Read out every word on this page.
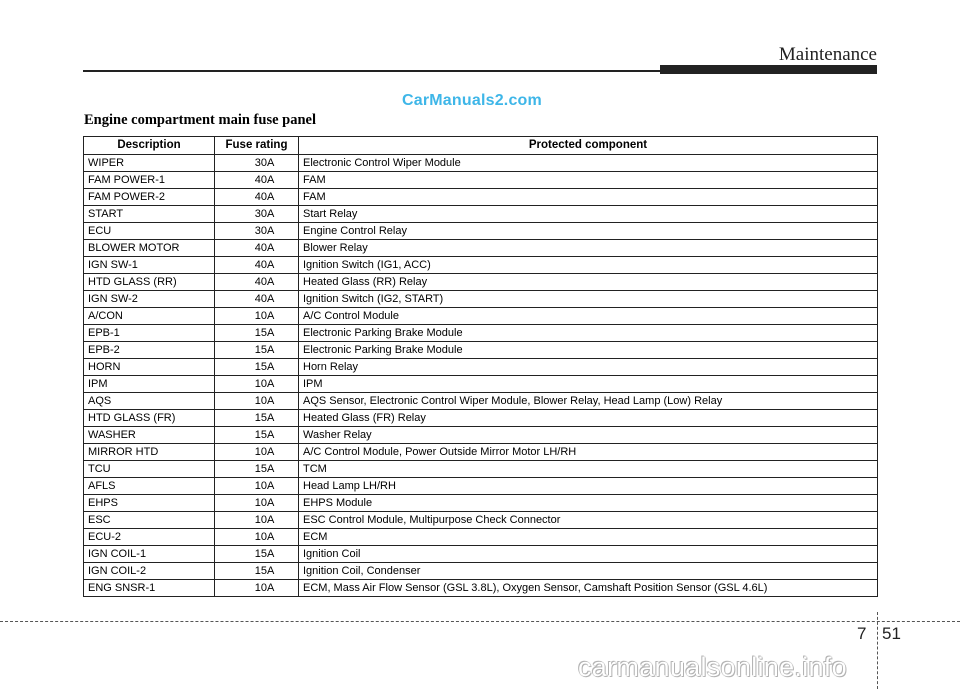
Maintenance
CarManuals2.com
Engine compartment main fuse panel
Description	Fuse rating	Protected component
WIPER	30A	Electronic Control Wiper Module
FAM POWER-1	40A	FAM
FAM POWER-2	40A	FAM
START	30A	Start Relay
ECU	30A	Engine Control Relay
BLOWER MOTOR	40A	Blower Relay
IGN SW-1	40A	Ignition Switch (IG1, ACC)
HTD GLASS (RR)	40A	Heated Glass (RR) Relay
IGN SW-2	40A	Ignition Switch (IG2, START)
A/CON	10A	A/C Control Module
EPB-1	15A	Electronic Parking Brake Module
EPB-2	15A	Electronic Parking Brake Module
HORN	15A	Horn Relay
IPM	10A	IPM
AQS	10A	AQS Sensor, Electronic Control Wiper Module, Blower Relay, Head Lamp (Low) Relay
HTD GLASS (FR)	15A	Heated Glass (FR) Relay
WASHER	15A	Washer Relay
MIRROR HTD	10A	A/C Control Module, Power Outside Mirror Motor LH/RH
TCU	15A	TCM
AFLS	10A	Head Lamp LH/RH
EHPS	10A	EHPS Module
ESC	10A	ESC Control Module, Multipurpose Check Connector
ECU-2	10A	ECM
IGN COIL-1	15A	Ignition Coil
IGN COIL-2	15A	Ignition Coil, Condenser
ENG SNSR-1	10A	ECM, Mass Air Flow Sensor (GSL 3.8L), Oxygen Sensor, Camshaft Position Sensor (GSL 4.6L)
7 51
carmanualsonline.info
